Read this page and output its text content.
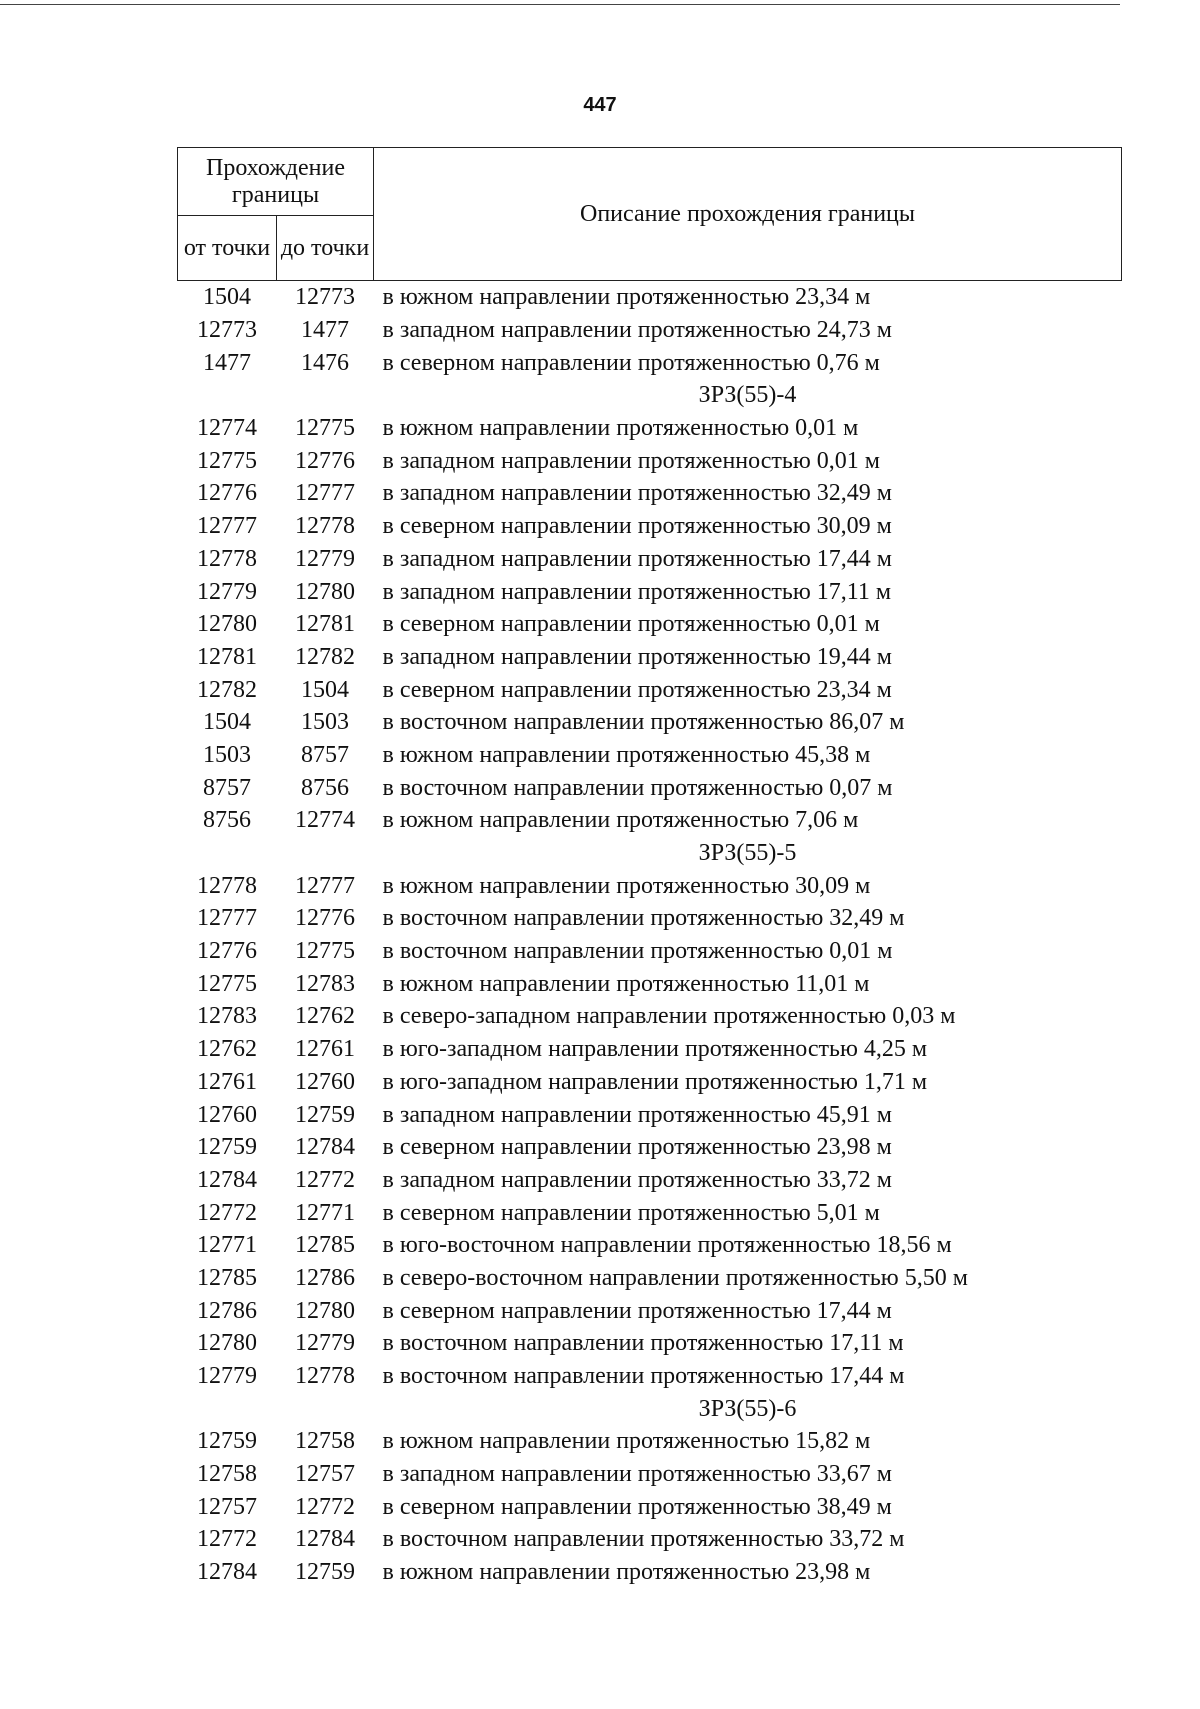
447
Прохождение границы		Описание прохождения границы
от точки	до точки	
1504	12773	в южном направлении протяженностью 23,34 м
12773	1477	в западном направлении протяженностью 24,73 м
1477	1476	в северном направлении протяженностью 0,76 м
ЗРЗ(55)-4		
12774	12775	в южном направлении протяженностью 0,01 м
12775	12776	в западном направлении протяженностью 0,01 м
12776	12777	в западном направлении протяженностью 32,49 м
12777	12778	в северном направлении протяженностью 30,09 м
12778	12779	в западном направлении протяженностью 17,44 м
12779	12780	в западном направлении протяженностью 17,11 м
12780	12781	в северном направлении протяженностью 0,01 м
12781	12782	в западном направлении протяженностью 19,44 м
12782	1504	в северном направлении протяженностью 23,34 м
1504	1503	в восточном направлении протяженностью 86,07 м
1503	8757	в южном направлении протяженностью 45,38 м
8757	8756	в восточном направлении протяженностью 0,07 м
8756	12774	в южном направлении протяженностью 7,06 м
ЗРЗ(55)-5		
12778	12777	в южном направлении протяженностью 30,09 м
12777	12776	в восточном направлении протяженностью 32,49 м
12776	12775	в восточном направлении протяженностью 0,01 м
12775	12783	в южном направлении протяженностью 11,01 м
12783	12762	в северо-западном направлении протяженностью 0,03 м
12762	12761	в юго-западном направлении протяженностью 4,25 м
12761	12760	в юго-западном направлении протяженностью 1,71 м
12760	12759	в западном направлении протяженностью 45,91 м
12759	12784	в северном направлении протяженностью 23,98 м
12784	12772	в западном направлении протяженностью 33,72 м
12772	12771	в северном направлении протяженностью 5,01 м
12771	12785	в юго-восточном направлении протяженностью 18,56 м
12785	12786	в северо-восточном направлении протяженностью 5,50 м
12786	12780	в северном направлении протяженностью 17,44 м
12780	12779	в восточном направлении протяженностью 17,11 м
12779	12778	в восточном направлении протяженностью 17,44 м
ЗРЗ(55)-6		
12759	12758	в южном направлении протяженностью 15,82 м
12758	12757	в западном направлении протяженностью 33,67 м
12757	12772	в северном направлении протяженностью 38,49 м
12772	12784	в восточном направлении протяженностью 33,72 м
12784	12759	в южном направлении протяженностью 23,98 м
